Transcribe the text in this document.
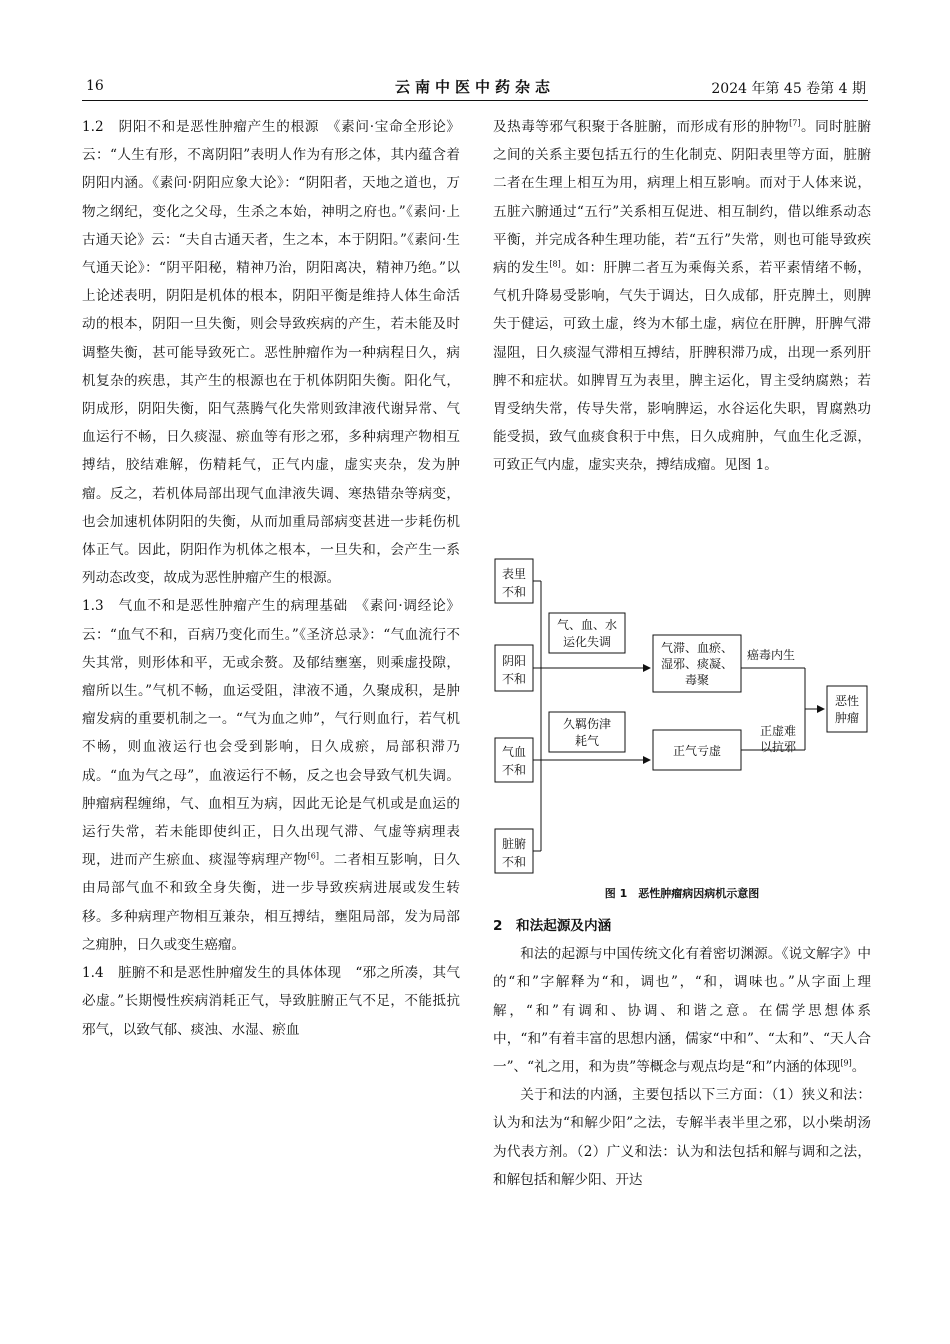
16	云南中医中药杂志	2024 年第 45 卷第 4 期

1.2　阴阳不和是恶性肿瘤产生的根源　 《素问·宝命全形论》云：“人生有形，不离阴阳”表明人作为有形之体，其内蕴含着阴阳内涵。《素问·阴阳应象大论》：“阴阳者，天地之道也，万物之纲纪，变化之父母，生杀之本始，神明之府也。”《素问·上古通天论》云：“夫自古通天者，生之本，本于阴阳。”《素问·生气通天论》：“阴平阳秘，精神乃治，阴阳离决，精神乃绝。”以上论述表明，阴阳是机体的根本，阴阳平衡是维持人体生命活动的根本，阴阳一旦失衡，则会导致疾病的产生，若未能及时调整失衡，甚可能导致死亡。恶性肿瘤作为一种病程日久，病机复杂的疾患，其产生的根源也在于机体阴阳失衡。阳化气，阴成形，阴阳失衡，阳气蒸腾气化失常则致津液代谢异常、气血运行不畅，日久痰湿、瘀血等有形之邪，多种病理产物相互搏结，胶结难解，伤精耗气，正气内虚，虚实夹杂，发为肿瘤。反之，若机体局部出现气血津液失调、寒热错杂等病变，也会加速机体阴阳的失衡，从而加重局部病变甚进一步耗伤机体正气。因此，阴阳作为机体之根本，一旦失和，会产生一系列动态改变，故成为恶性肿瘤产生的根源。

1.3　气血不和是恶性肿瘤产生的病理基础　 《素问·调经论》云：“血气不和，百病乃变化而生。”《圣济总录》：“气血流行不失其常，则形体和平，无或余赘。及郁结壅塞，则乘虚投隙，瘤所以生。”气机不畅，血运受阻，津液不通，久聚成积，是肿瘤发病的重要机制之一。“气为血之帅”，气行则血行，若气机不畅，则血液运行也会受到影响，日久成瘀，局部积滞乃成。“血为气之母”，血液运行不畅，反之也会导致气机失调。肿瘤病程缠绵，气、血相互为病，因此无论是气机或是血运的运行失常，若未能即使纠正，日久出现气滞、气虚等病理表现，进而产生瘀血、痰湿等病理产物[6]。二者相互影响，日久由局部气血不和致全身失衡，进一步导致疾病进展或发生转移。多种病理产物相互兼杂，相互搏结，壅阻局部，发为局部之痈肿，日久或变生癌瘤。

1.4　脏腑不和是恶性肿瘤发生的具体体现　 “邪之所凑，其气必虚。”长期慢性疾病消耗正气，导致脏腑正气不足，不能抵抗邪气，以致气郁、痰浊、水湿、瘀血

及热毒等邪气积聚于各脏腑，而形成有形的肿物[7]。同时脏腑之间的关系主要包括五行的生化制克、阴阳表里等方面，脏腑二者在生理上相互为用，病理上相互影响。而对于人体来说，五脏六腑通过“五行”关系相互促进、相互制约，借以维系动态平衡，并完成各种生理功能，若“五行”失常，则也可能导致疾病的发生[8]。如：肝脾二者互为乘侮关系，若平素情绪不畅，气机升降易受影响，气失于调达，日久成郁，肝克脾土，则脾失于健运，可致土虚，终为木郁土虚，病位在肝脾，肝脾气滞湿阻，日久痰湿气滞相互搏结，肝脾积滞乃成，出现一系列肝脾不和症状。如脾胃互为表里，脾主运化，胃主受纳腐熟；若胃受纳失常，传导失常，影响脾运，水谷运化失职，胃腐熟功能受损，致气血痰食积于中焦，日久成痈肿，气血生化乏源，可致正气内虚，虚实夹杂，搏结成瘤。见图 1。

表里
不和
阴阳
不和
气血
不和
脏腑
不和
气、血、水
运化失调
久羁伤津
耗气
气滞、血瘀、
湿邪、痰凝、
毒聚
正气亏虚
癌毒内生
正虚难
以抗邪
恶性
肿瘤
图 1　恶性肿瘤病因病机示意图
2　和法起源及内涵

和法的起源与中国传统文化有着密切渊源。《说文解字》中的“和”字解释为“和，调也”，“和，调味也。”从字面上理解，“和”有调和、协调、和谐之意。在儒学思想体系中，“和”有着丰富的思想内涵，儒家“中和”、“太和”、“天人合一”、“礼之用，和为贵”等概念与观点均是“和”内涵的体现[9]。

关于和法的内涵，主要包括以下三方面：（1）狭义和法：认为和法为“和解少阳”之法，专解半表半里之邪，以小柴胡汤为代表方剂。（2）广义和法：认为和法包括和解与调和之法，和解包括和解少阳、开达
